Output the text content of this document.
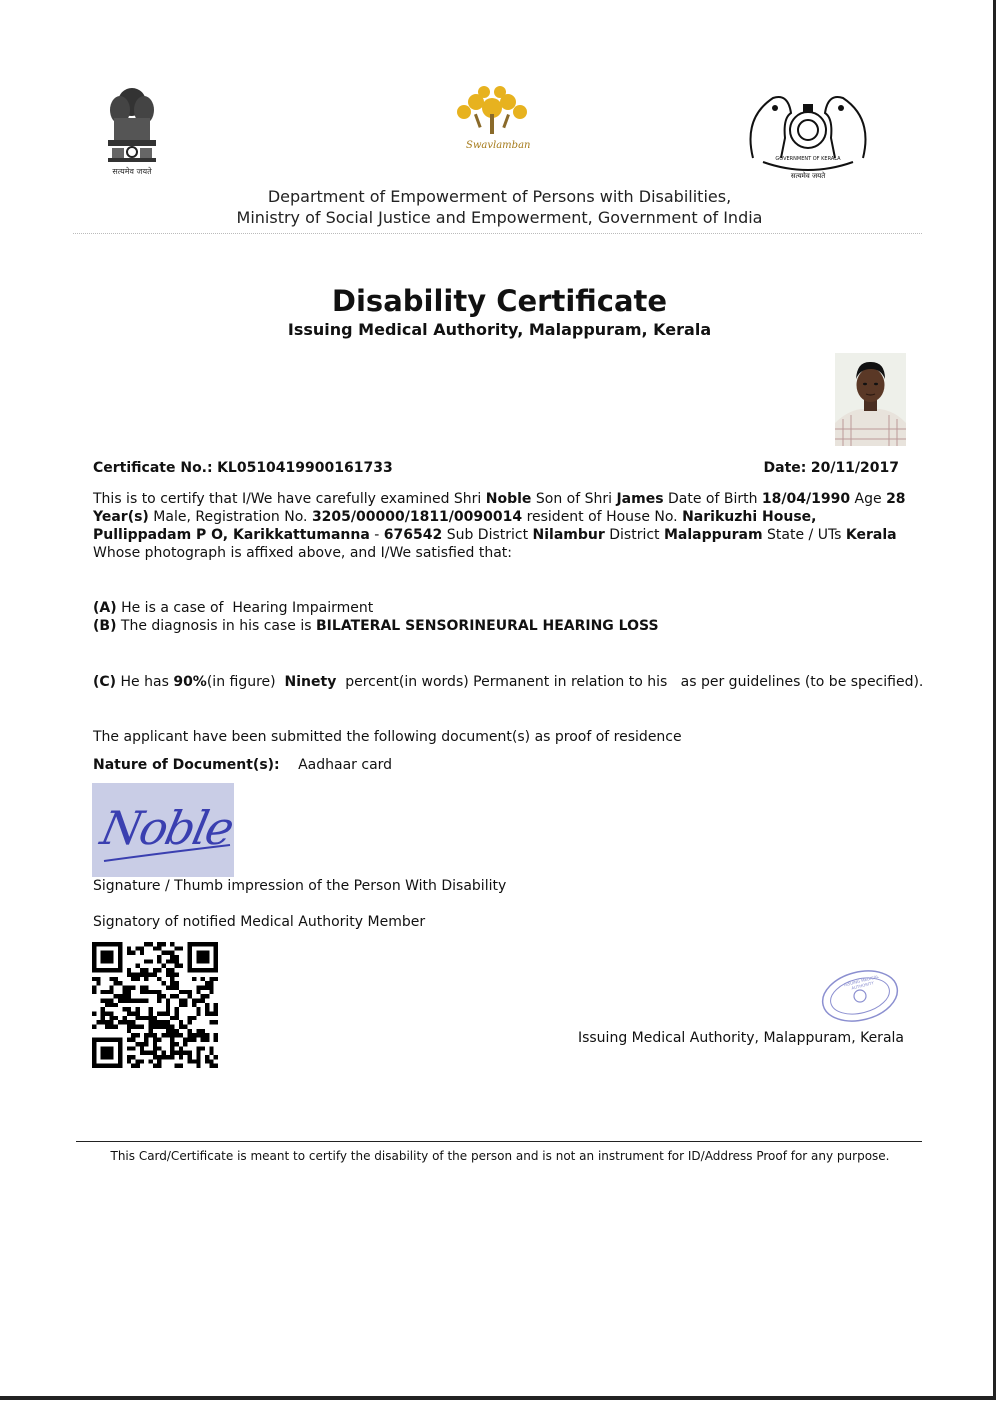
सत्यमेव जयते
Swavlamban
GOVERNMENT OF KERALA
सत्यमेव जयते
Department of Empowerment of Persons with Disabilities,
Ministry of Social Justice and Empowerment, Government of India
Disability Certificate
Issuing Medical Authority, Malappuram, Kerala
Certificate No.: KL0510419900161733	Date: 20/11/2017
This is to certify that I/We have carefully examined Shri Noble Son of Shri James Date of Birth 18/04/1990 Age 28 Year(s) Male, Registration No. 3205/00000/1811/0090014 resident of House No. Narikuzhi House, Pullippadam P O, Karikkattumanna - 676542 Sub District Nilambur District Malappuram State / UTs Kerala
Whose photograph is affixed above, and I/We satisfied that:
(A) He is a case of Hearing Impairment
(B) The diagnosis in his case is BILATERAL SENSORINEURAL HEARING LOSS
(C) He has 90%(in figure) Ninety percent(in words) Permanent in relation to his   as per guidelines (to be specified).
The applicant have been submitted the following document(s) as proof of residence
Nature of Document(s): Aadhaar card
Noble
Signature / Thumb impression of the Person With Disability
Signatory of notified Medical Authority Member
ISSUING MEDICAL AUTHORITY
Issuing Medical Authority, Malappuram, Kerala
This Card/Certificate is meant to certify the disability of the person and is not an instrument for ID/Address Proof for any purpose.
